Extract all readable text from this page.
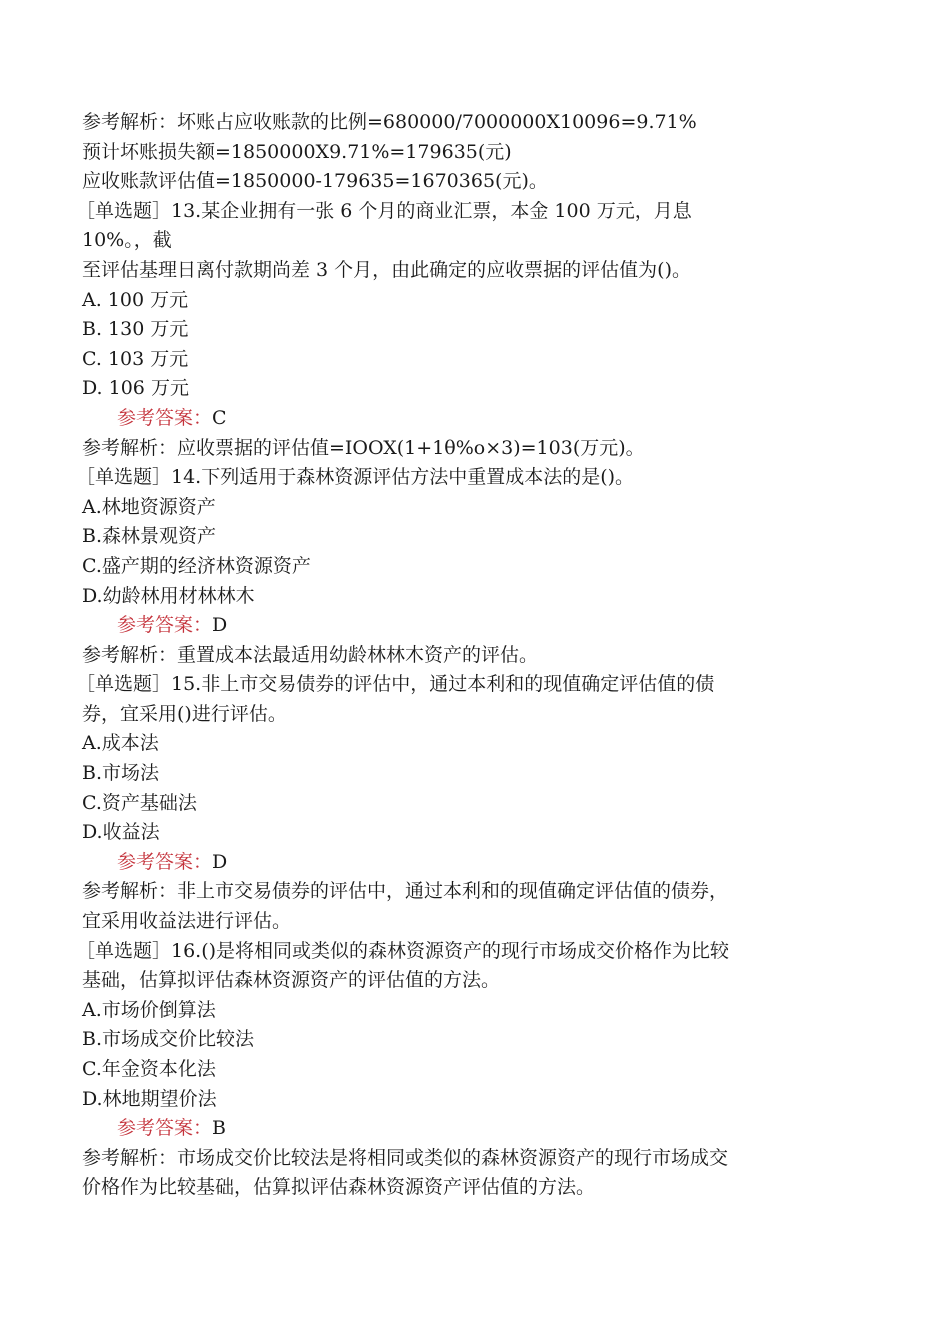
参考解析：坏账占应收账款的比例=680000/7000000X10096=9.71%
预计坏账损失额=1850000X9.71%=179635(元)
应收账款评估值=1850000-179635=1670365(元)。
［单选题］13.某企业拥有一张 6 个月的商业汇票，本金 100 万元，月息
10%。，截
至评估基理日离付款期尚差 3 个月，由此确定的应收票据的评估值为()。
A. 100 万元
B. 130 万元
C. 103 万元
D. 106 万元
参考答案：C
参考解析：应收票据的评估值=IOOX(1+1θ%o×3)=103(万元)。
［单选题］14.下列适用于森林资源评估方法中重置成本法的是()。
A.林地资源资产
B.森林景观资产
C.盛产期的经济林资源资产
D.幼龄林用材林林木
参考答案：D
参考解析：重置成本法最适用幼龄林林木资产的评估。
［单选题］15.非上市交易债券的评估中，通过本利和的现值确定评估值的债
券，宜采用()进行评估。
A.成本法
B.市场法
C.资产基础法
D.收益法
参考答案：D
参考解析：非上市交易债券的评估中，通过本利和的现值确定评估值的债券，
宜采用收益法进行评估。
［单选题］16.()是将相同或类似的森林资源资产的现行市场成交价格作为比较
基础，估算拟评估森林资源资产的评估值的方法。
A.市场价倒算法
B.市场成交价比较法
C.年金资本化法
D.林地期望价法
参考答案：B
参考解析：市场成交价比较法是将相同或类似的森林资源资产的现行市场成交
价格作为比较基础，估算拟评估森林资源资产评估值的方法。
